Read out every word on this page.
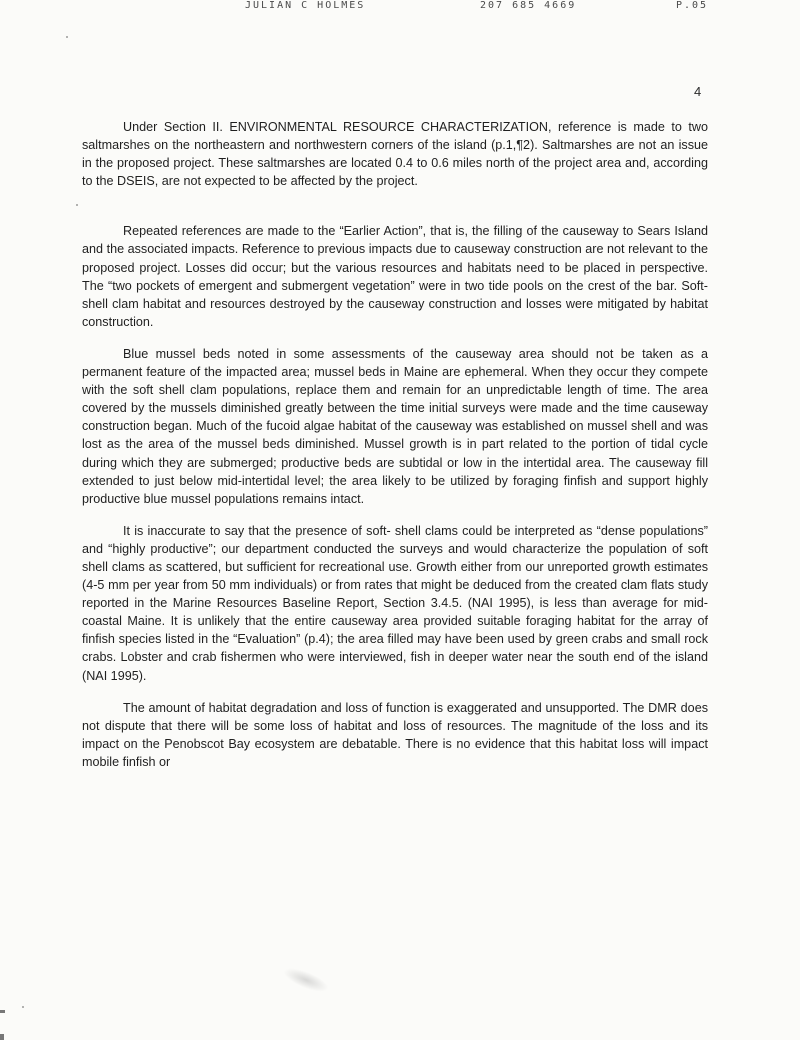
JULIAN C HOLMES	207 685 4669	P.05
4

Under Section II. ENVIRONMENTAL RESOURCE CHARACTERIZATION, reference is made to two saltmarshes on the northeastern and northwestern corners of the island (p.1,¶2). Saltmarshes are not an issue in the proposed project. These saltmarshes are located 0.4 to 0.6 miles north of the project area and, according to the DSEIS, are not expected to be affected by the project.

Repeated references are made to the “Earlier Action”, that is, the filling of the causeway to Sears Island and the associated impacts. Reference to previous impacts due to causeway construction are not relevant to the proposed project. Losses did occur; but the various resources and habitats need to be placed in perspective. The “two pockets of emergent and submergent vegetation” were in two tide pools on the crest of the bar. Soft-shell clam habitat and resources destroyed by the causeway construction and losses were mitigated by habitat construction.

Blue mussel beds noted in some assessments of the causeway area should not be taken as a permanent feature of the impacted area; mussel beds in Maine are ephemeral. When they occur they compete with the soft shell clam populations, replace them and remain for an unpredictable length of time. The area covered by the mussels diminished greatly between the time initial surveys were made and the time causeway construction began. Much of the fucoid algae habitat of the causeway was established on mussel shell and was lost as the area of the mussel beds diminished. Mussel growth is in part related to the portion of tidal cycle during which they are submerged; productive beds are subtidal or low in the intertidal area. The causeway fill extended to just below mid-intertidal level; the area likely to be utilized by foraging finfish and support highly productive blue mussel populations remains intact.

It is inaccurate to say that the presence of soft- shell clams could be interpreted as “dense populations” and “highly productive”; our department conducted the surveys and would characterize the population of soft shell clams as scattered, but sufficient for recreational use. Growth either from our unreported growth estimates (4-5 mm per year from 50 mm individuals) or from rates that might be deduced from the created clam flats study reported in the Marine Resources Baseline Report, Section 3.4.5. (NAI 1995), is less than average for mid-coastal Maine. It is unlikely that the entire causeway area provided suitable foraging habitat for the array of finfish species listed in the “Evaluation” (p.4); the area filled may have been used by green crabs and small rock crabs. Lobster and crab fishermen who were interviewed, fish in deeper water near the south end of the island (NAI 1995).

The amount of habitat degradation and loss of function is exaggerated and unsupported. The DMR does not dispute that there will be some loss of habitat and loss of resources. The magnitude of the loss and its impact on the Penobscot Bay ecosystem are debatable. There is no evidence that this habitat loss will impact mobile finfish or
